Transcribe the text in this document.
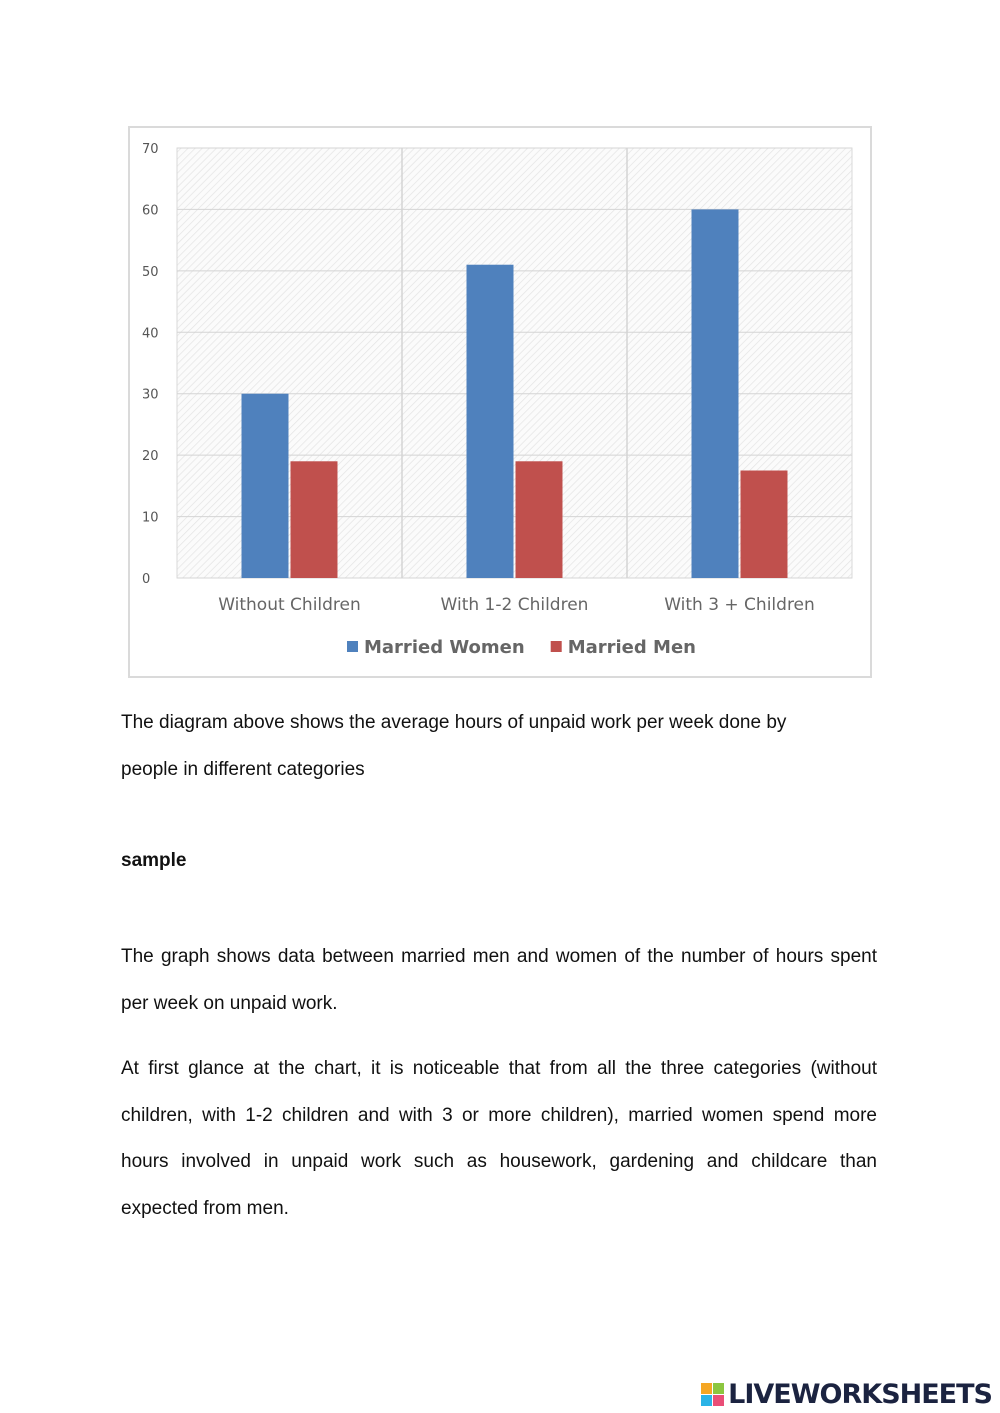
0
10
20
30
40
50
60
70
Without Children	With 1-2 Children	With 3 + Children
Married Women Married Men

The diagram above shows the average hours of unpaid work per week done by
people in different categories

sample

The graph shows data between married men and women of the number of hours spent per week on unpaid work.

At first glance at the chart, it is noticeable that from all the three categories (without children, with 1-2 children and with 3 or more children), married women spend more hours involved in unpaid work such as housework, gardening and childcare than expected from men.

LIVEWORKSHEETS
